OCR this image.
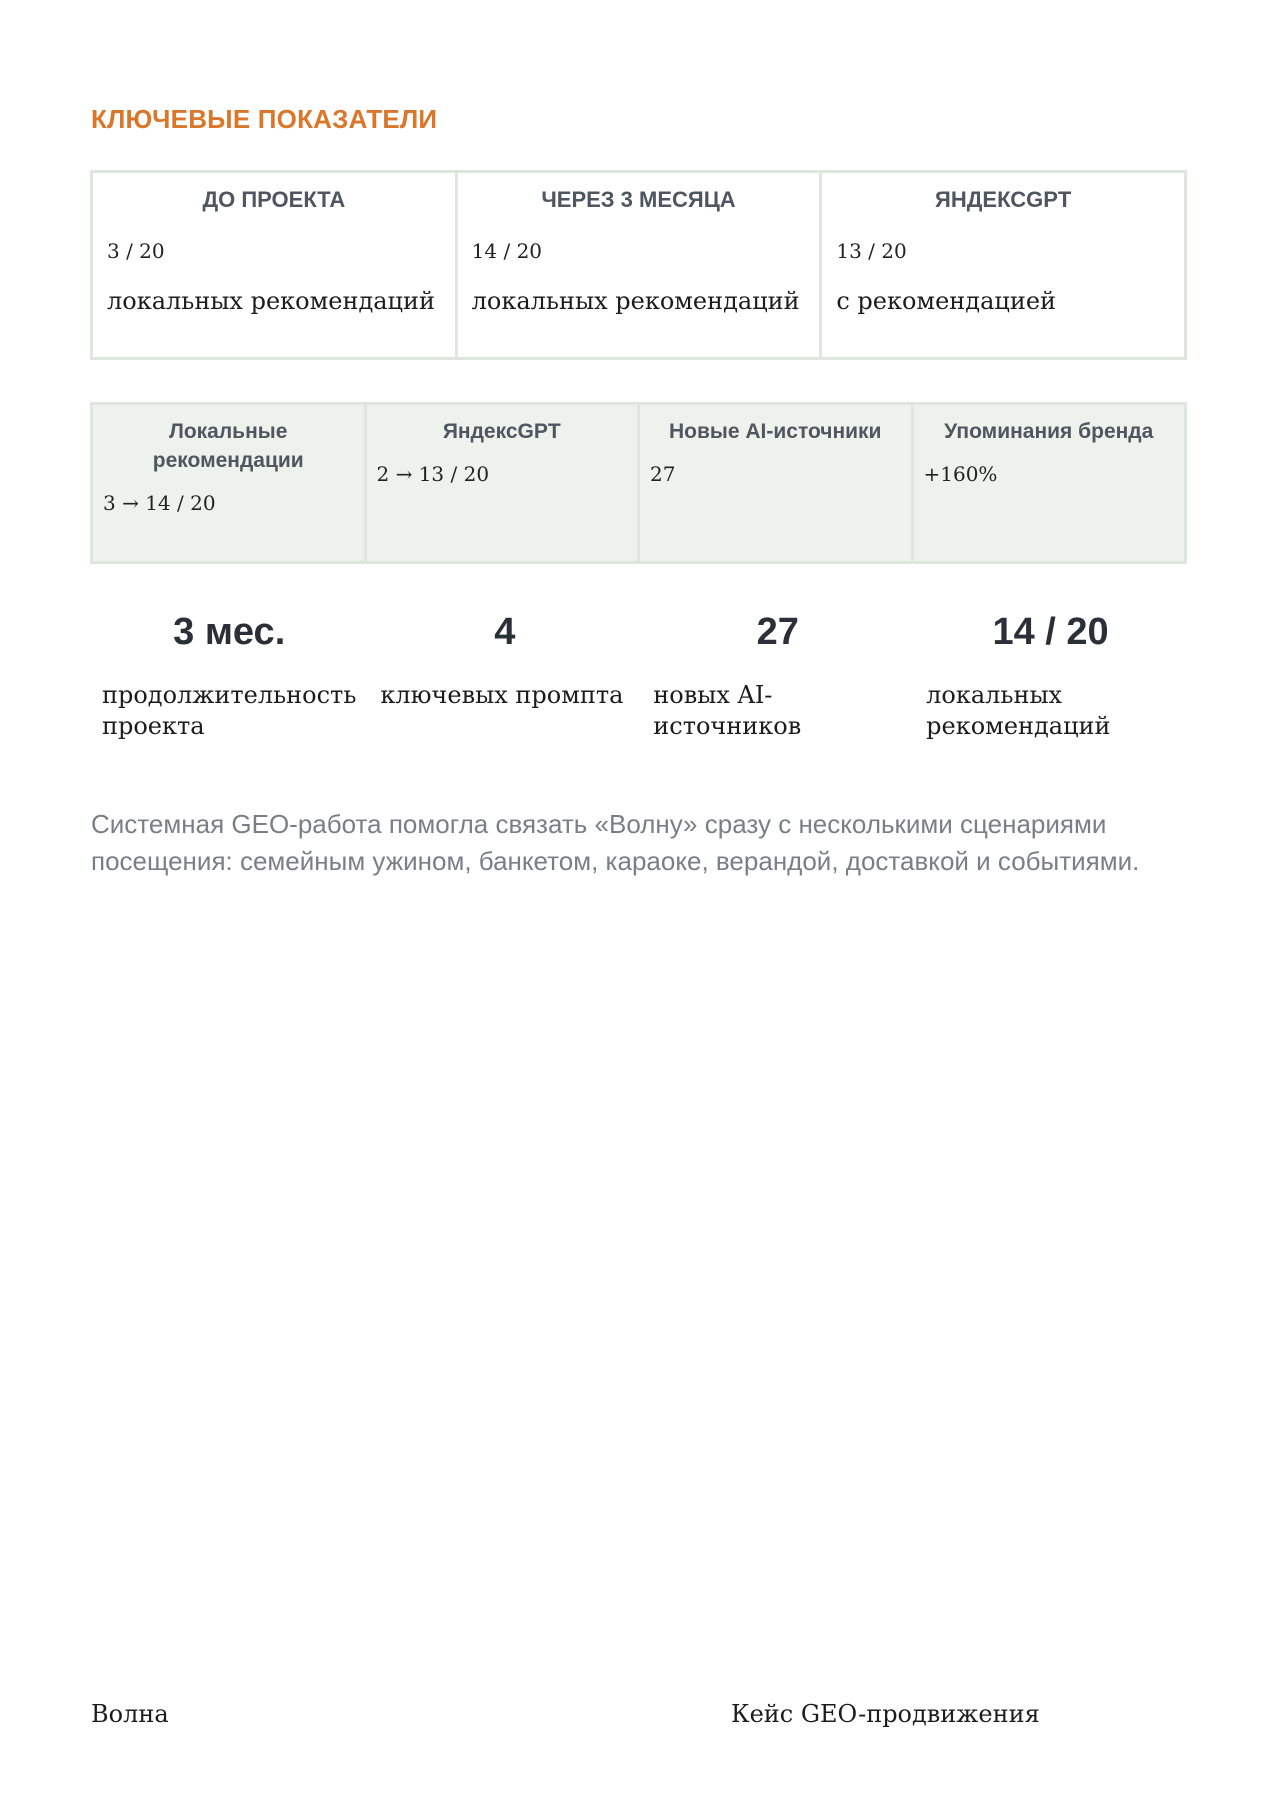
КЛЮЧЕВЫЕ ПОКАЗАТЕЛИ
ДО ПРОЕКТА
3 / 20
локальных рекомендаций
ЧЕРЕЗ 3 МЕСЯЦА
14 / 20
локальных рекомендаций
ЯНДЕКСGPT
13 / 20
с рекомендацией
Локальные рекомендации
3 → 14 / 20
ЯндексGPT
2 → 13 / 20
Новые AI-источники
27
Упоминания бренда
+160%
3 мес.
продолжительность проекта
4
ключевых промпта
27
новых AI-источников
14 / 20
локальных рекомендаций
Системная GEO-работа помогла связать «Волну» сразу с несколькими сценариями посещения: семейным ужином, банкетом, караоке, верандой, доставкой и событиями.
Волна	Кейс GEO-продвижения
